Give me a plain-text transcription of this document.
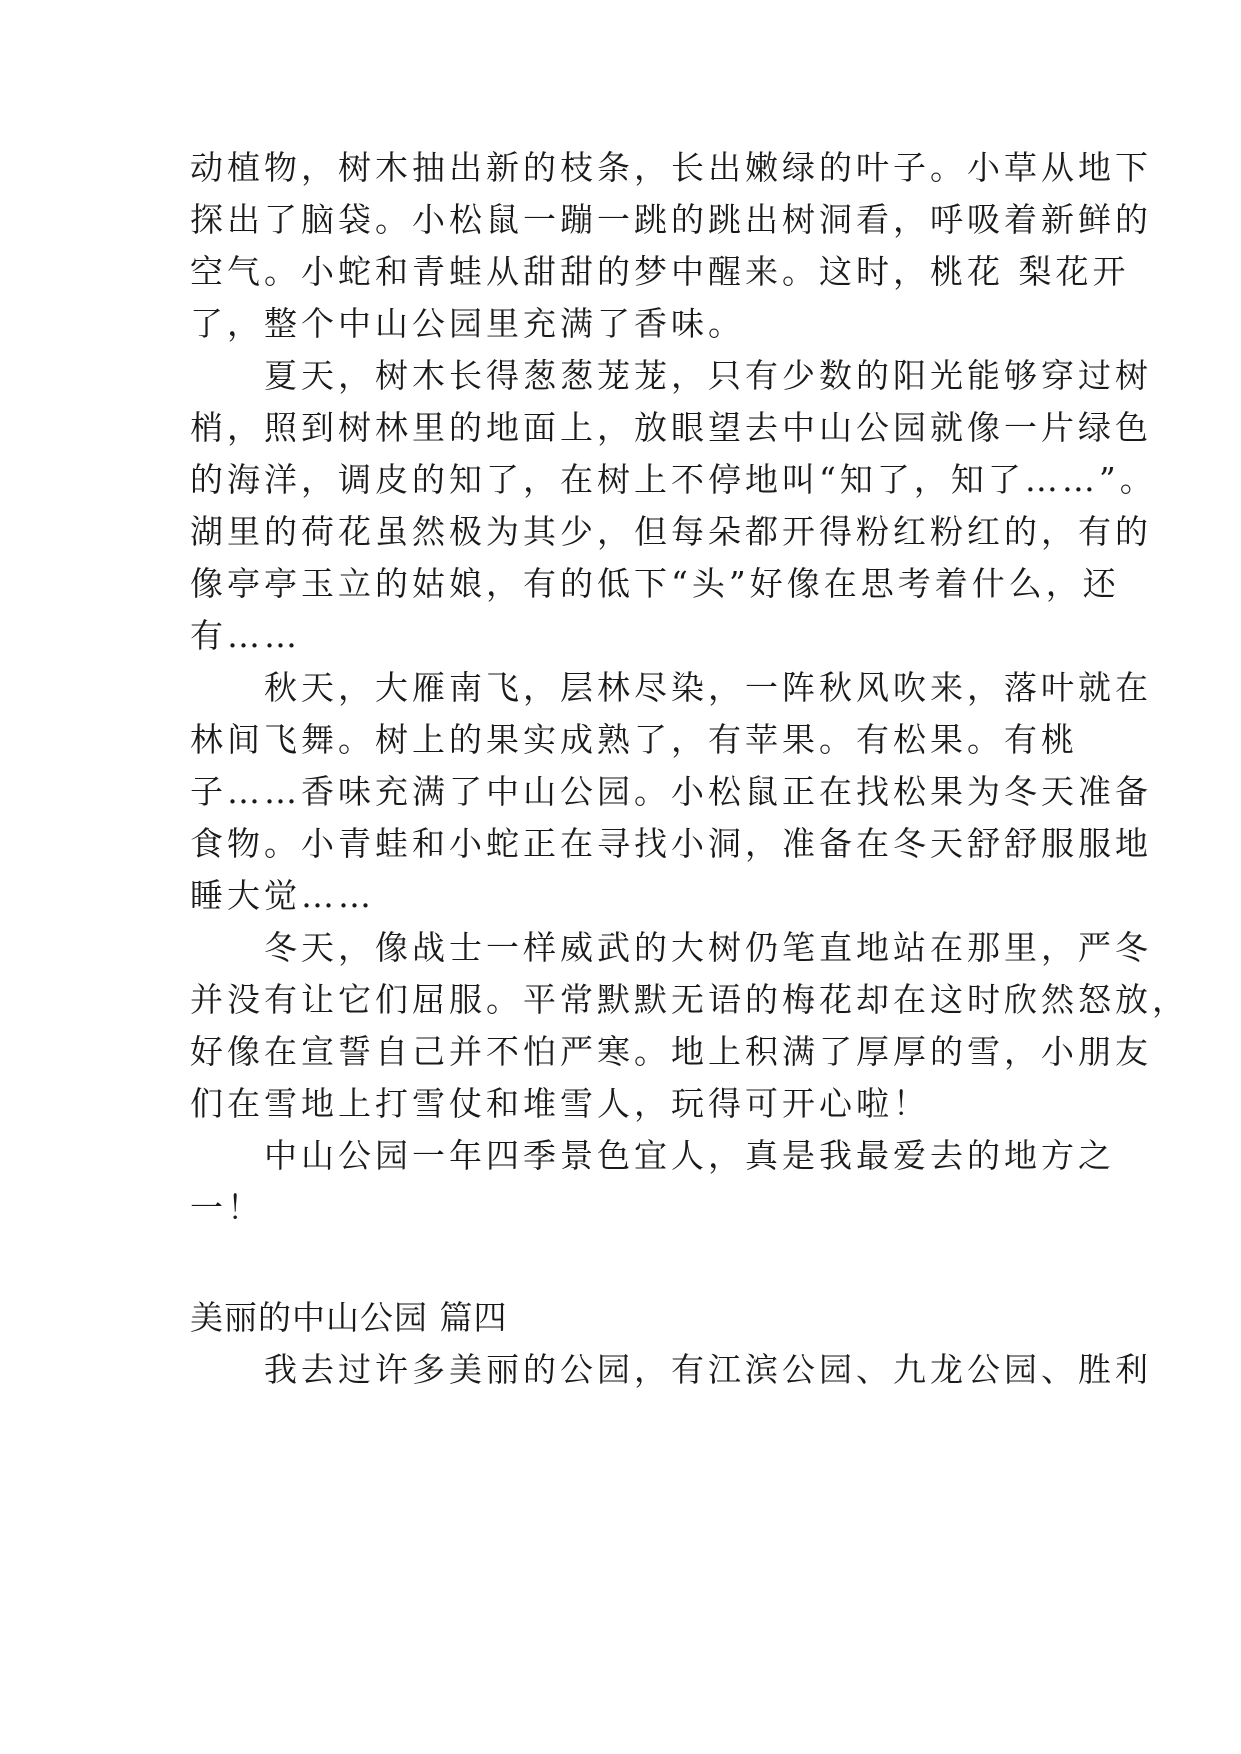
动植物，树木抽出新的枝条，长出嫩绿的叶子。小草从地下
探出了脑袋。小松鼠一蹦一跳的跳出树洞看，呼吸着新鲜的
空气。小蛇和青蛙从甜甜的梦中醒来。这时，桃花 梨花开
了，整个中山公园里充满了香味。
　　夏天，树木长得葱葱茏茏，只有少数的阳光能够穿过树
梢，照到树林里的地面上，放眼望去中山公园就像一片绿色
的海洋，调皮的知了，在树上不停地叫“知了，知了……”。
湖里的荷花虽然极为其少，但每朵都开得粉红粉红的，有的
像亭亭玉立的姑娘，有的低下“头”好像在思考着什么，还
有……
　　秋天，大雁南飞，层林尽染，一阵秋风吹来，落叶就在
林间飞舞。树上的果实成熟了，有苹果。有松果。有桃
子……香味充满了中山公园。小松鼠正在找松果为冬天准备
食物。小青蛙和小蛇正在寻找小洞，准备在冬天舒舒服服地
睡大觉……
　　冬天，像战士一样威武的大树仍笔直地站在那里，严冬
并没有让它们屈服。平常默默无语的梅花却在这时欣然怒放，
好像在宣誓自己并不怕严寒。地上积满了厚厚的雪，小朋友
们在雪地上打雪仗和堆雪人，玩得可开心啦！
　　中山公园一年四季景色宜人，真是我最爱去的地方之
一！
美丽的中山公园 篇四
　　我去过许多美丽的公园，有江滨公园、九龙公园、胜利
